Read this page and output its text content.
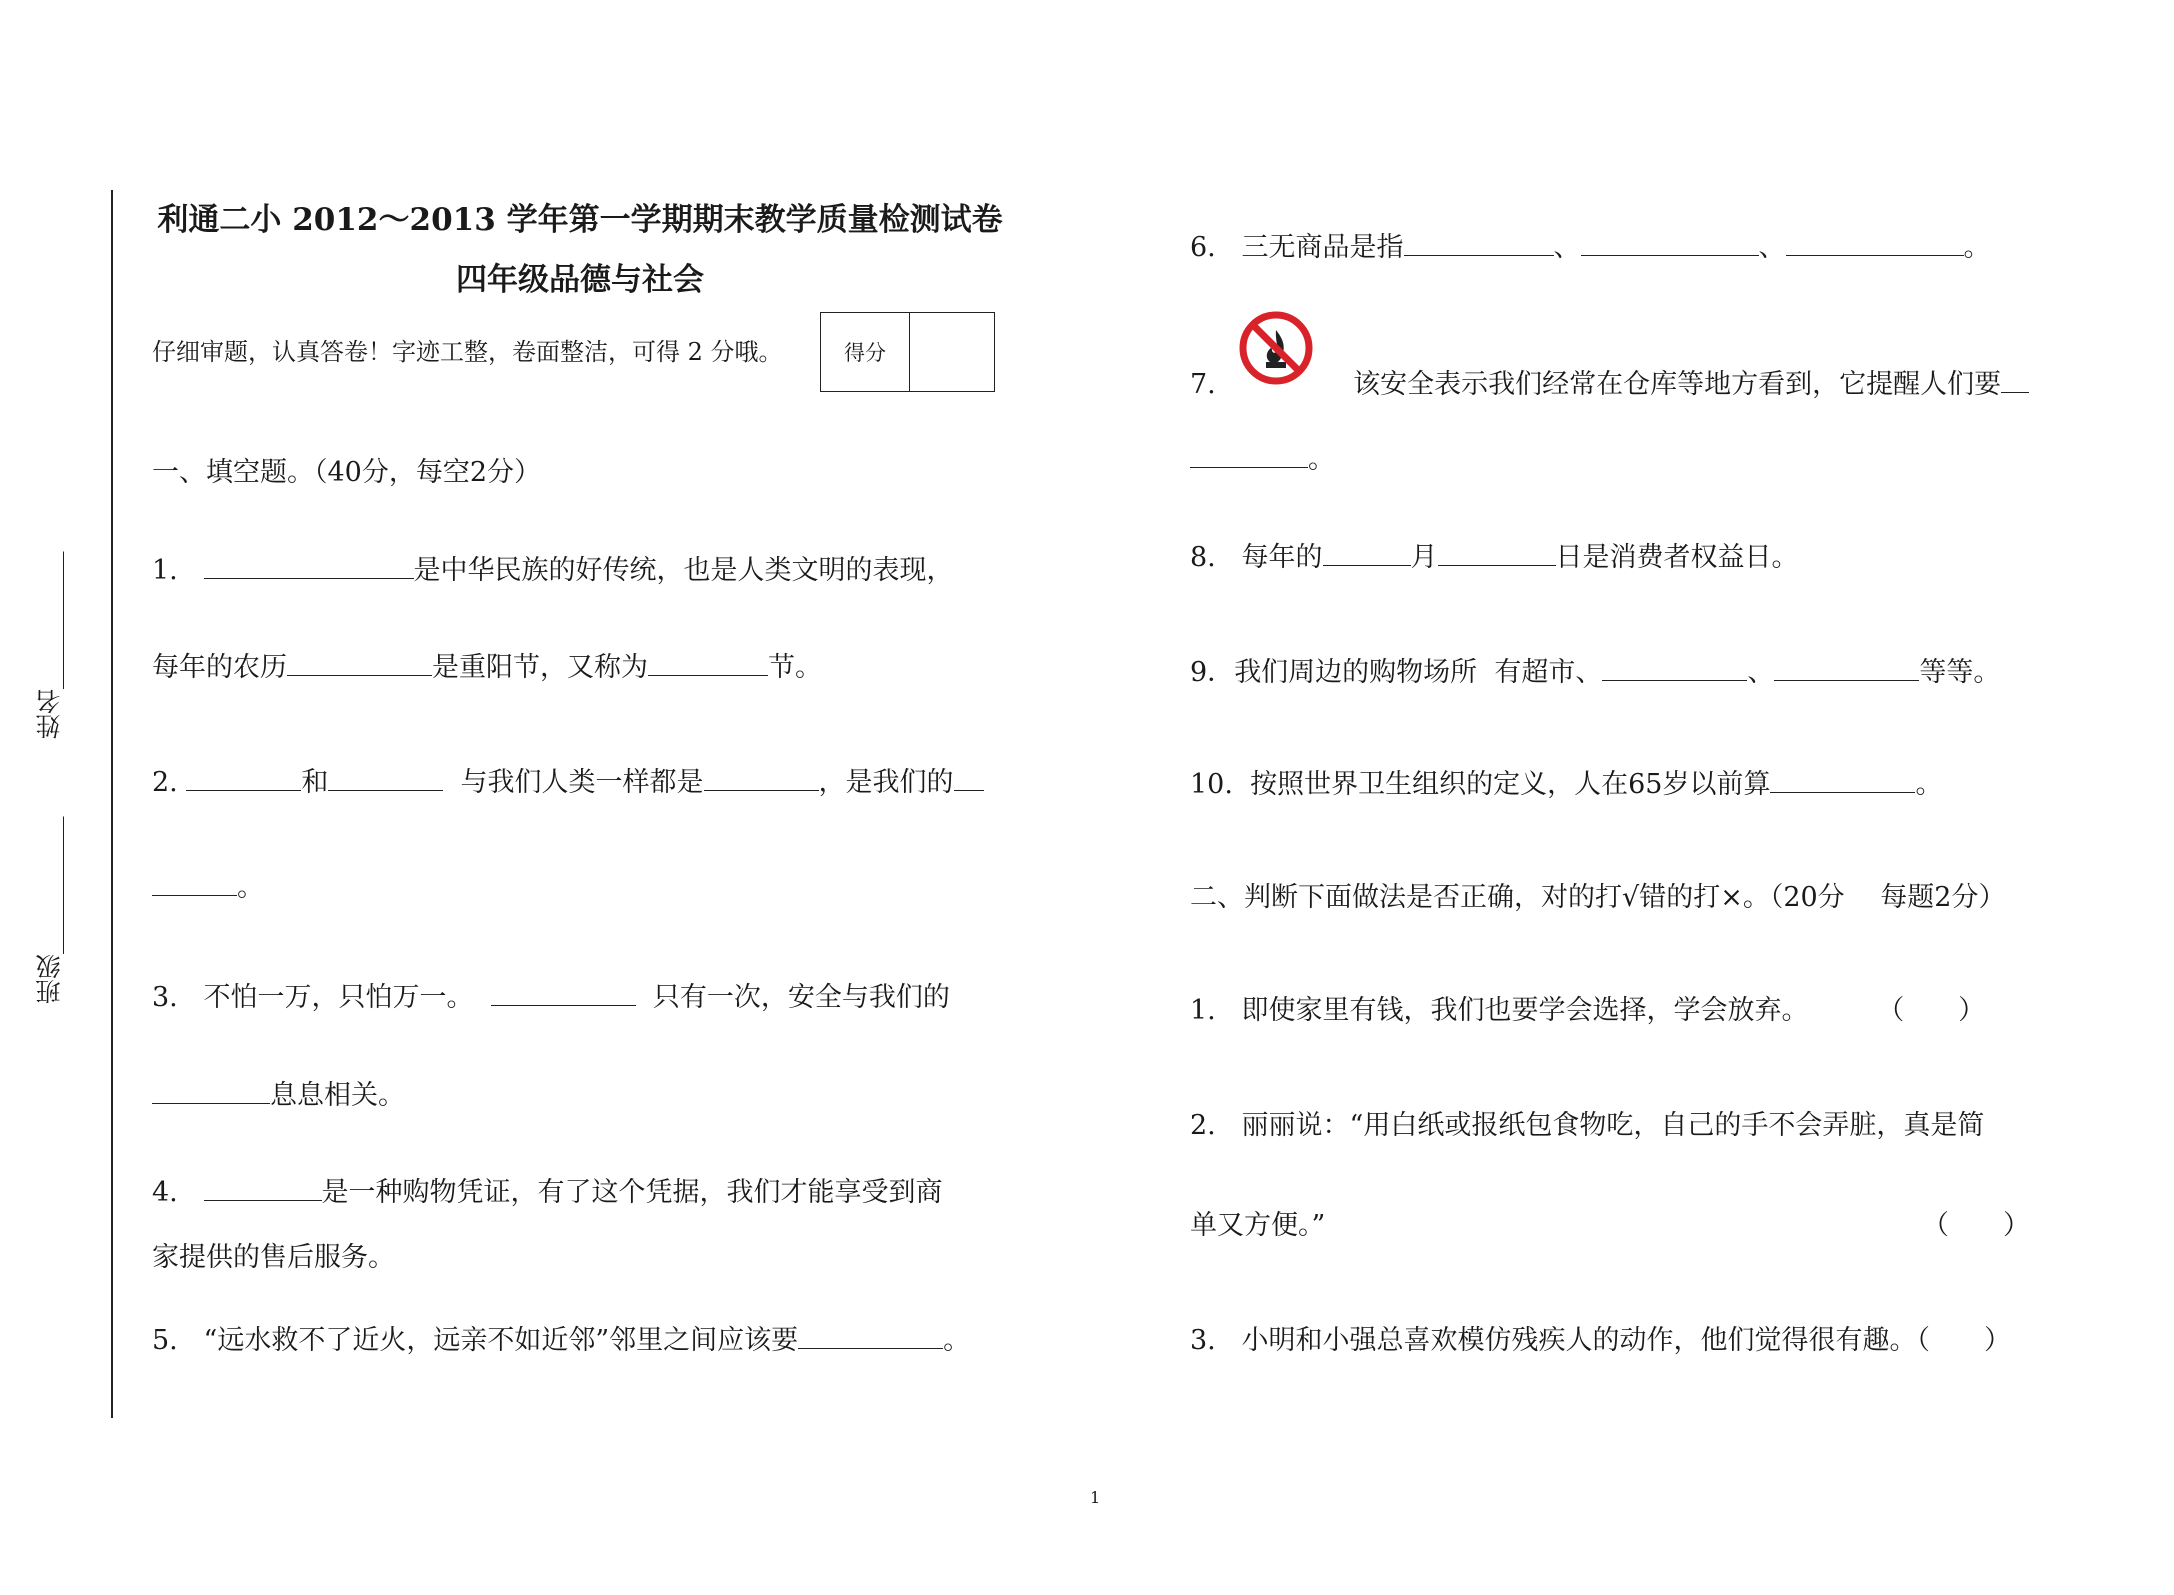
姓名___________
班级___________
利通二小 2012～2013 学年第一学期期末教学质量检测试卷
四年级品德与社会
仔细审题，认真答卷！字迹工整，卷面整洁，可得 2 分哦。	得分
一、填空题。（40分，每空2分）
1.	是中华民族的好传统，也是人类文明的表现，
每年的农历	是重阳节，又称为	节。
2.	和	与我们人类一样都是	，是我们的
。
3. 不怕一万，只怕万一。	只有一次，安全与我们的
息息相关。
4.	是一种购物凭证，有了这个凭据，我们才能享受到商
家提供的售后服务。
5. “远水救不了近火，远亲不如近邻”邻里之间应该要	。
6. 三无商品是指	、	、	。
7.	该安全表示我们经常在仓库等地方看到，它提醒人们要
。
8. 每年的	月	日是消费者权益日。
9．我们周边的购物场所  有超市、	、	等等。
10. 按照世界卫生组织的定义，人在65岁以前算	。
二、判断下面做法是否正确，对的打√错的打×。（20分　 每题2分）
1. 即使家里有钱，我们也要学会选择，学会放弃。	（　　）
2. 丽丽说：“用白纸或报纸包食物吃，自己的手不会弄脏，真是简
单又方便。”	（　　）
3. 小明和小强总喜欢模仿残疾人的动作，他们觉得很有趣。（　　）
1
